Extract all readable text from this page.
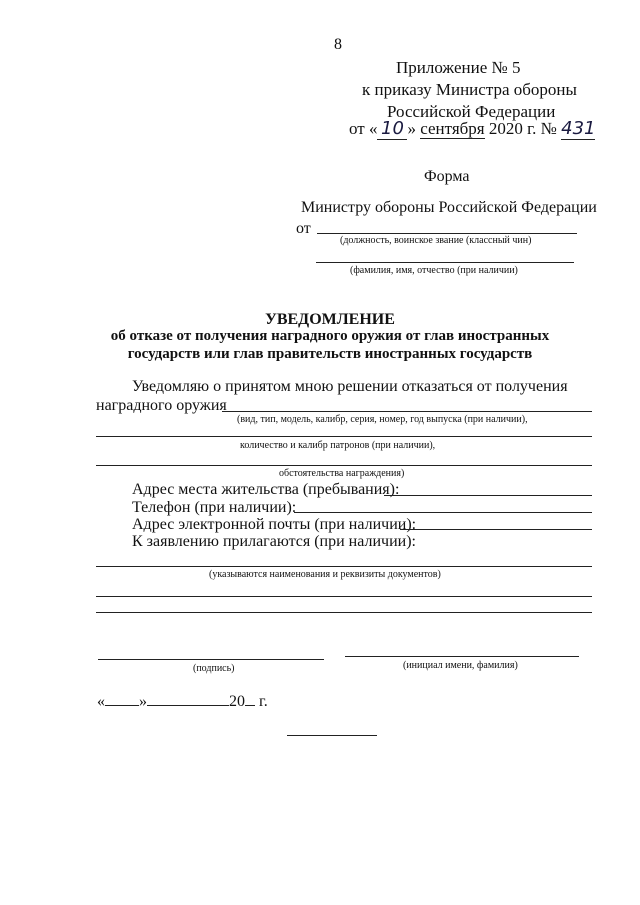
8
Приложение № 5
к приказу Министра обороны
Российской Федерации
от « 10 » сентября 2020 г. № 431
Форма
Министру обороны Российской Федерации
от
(должность, воинское звание (классный чин)
(фамилия, имя, отчество (при наличии)
УВЕДОМЛЕНИЕ
об отказе от получения наградного оружия от глав иностранных
государств или глав правительств иностранных государств
Уведомляю о принятом мною решении отказаться от получения
наградного оружия
(вид, тип, модель, калибр, серия, номер, год выпуска (при наличии),
количество и калибр патронов (при наличии),
обстоятельства награждения)
Адрес места жительства (пребывания):
Телефон (при наличии):
Адрес электронной почты (при наличии):
К заявлению прилагаются (при наличии):
(указываются наименования и реквизиты документов)
(подпись)	(инициал имени, фамилия)
« »	20 г.
